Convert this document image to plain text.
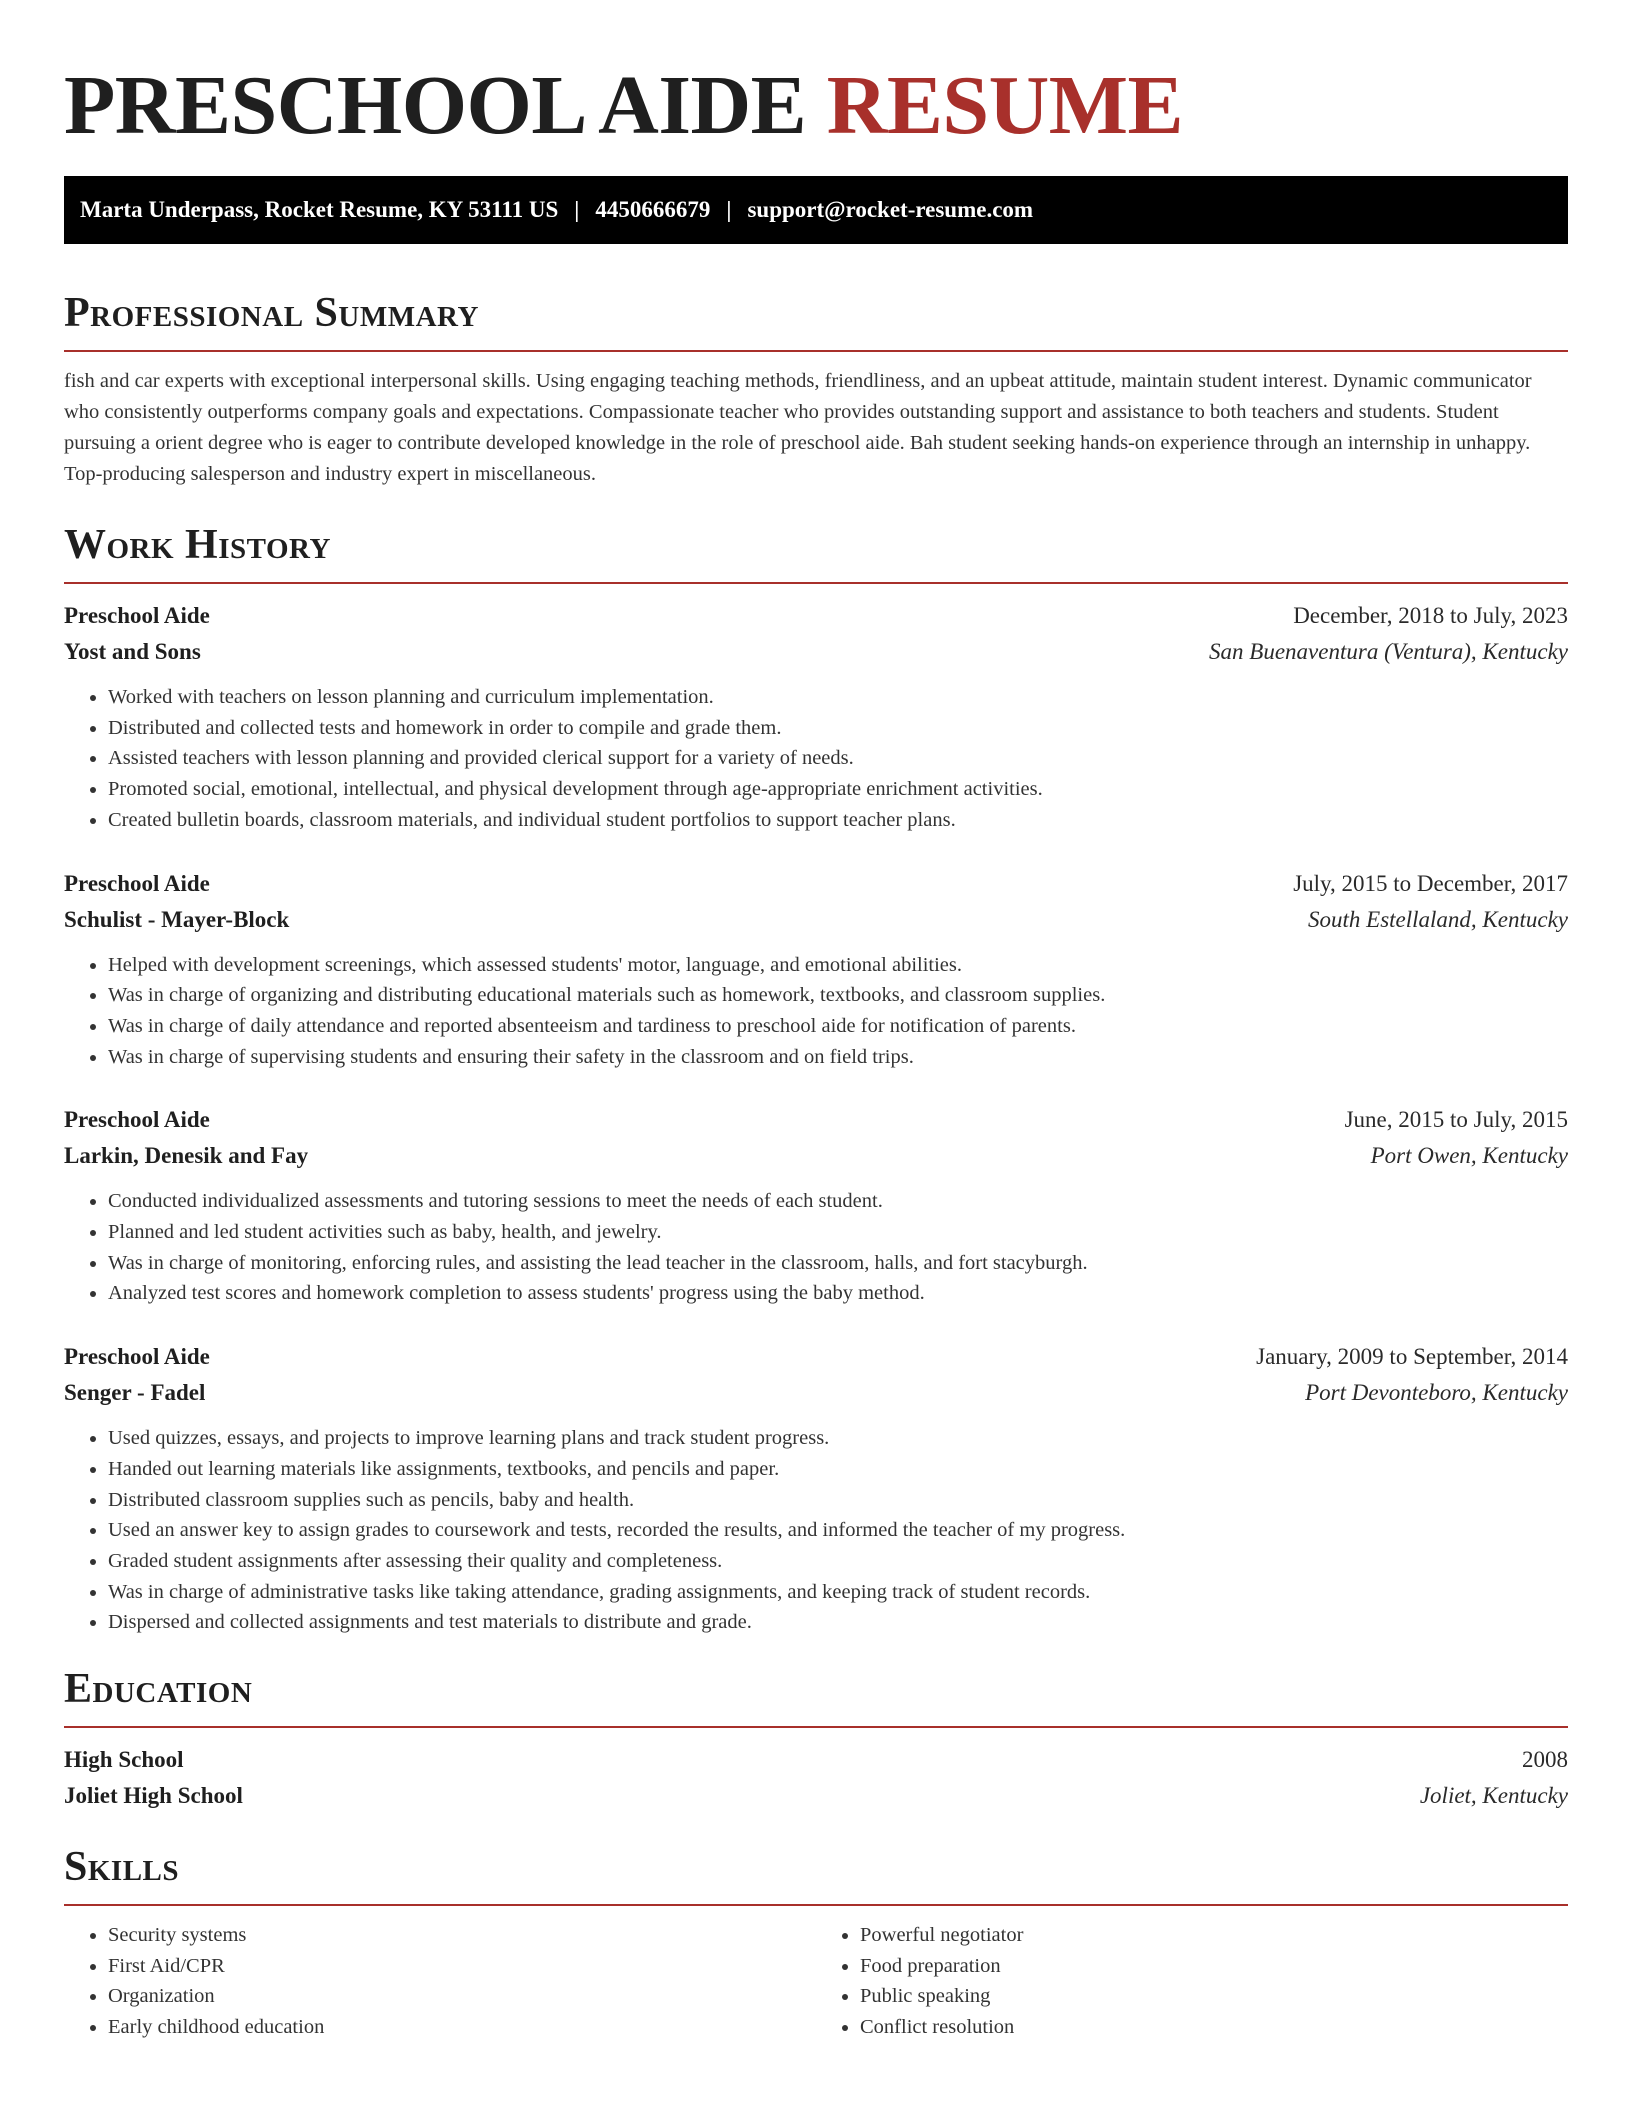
PRESCHOOL AIDE RESUME
Marta Underpass, Rocket Resume, KY 53111 US | 4450666679 | support@rocket-resume.com
Professional Summary

fish and car experts with exceptional interpersonal skills. Using engaging teaching methods, friendliness, and an upbeat attitude, maintain student interest. Dynamic communicator who consistently outperforms company goals and expectations. Compassionate teacher who provides outstanding support and assistance to both teachers and students. Student pursuing a orient degree who is eager to contribute developed knowledge in the role of preschool aide. Bah student seeking hands-on experience through an internship in unhappy. Top-producing salesperson and industry expert in miscellaneous.

Work History
Preschool Aide	December, 2018 to July, 2023
Yost and Sons	San Buenaventura (Ventura), Kentucky
• Worked with teachers on lesson planning and curriculum implementation.
• Distributed and collected tests and homework in order to compile and grade them.
• Assisted teachers with lesson planning and provided clerical support for a variety of needs.
• Promoted social, emotional, intellectual, and physical development through age-appropriate enrichment activities.
• Created bulletin boards, classroom materials, and individual student portfolios to support teacher plans.
Preschool Aide	July, 2015 to December, 2017
Schulist - Mayer-Block	South Estellaland, Kentucky
• Helped with development screenings, which assessed students' motor, language, and emotional abilities.
• Was in charge of organizing and distributing educational materials such as homework, textbooks, and classroom supplies.
• Was in charge of daily attendance and reported absenteeism and tardiness to preschool aide for notification of parents.
• Was in charge of supervising students and ensuring their safety in the classroom and on field trips.
Preschool Aide	June, 2015 to July, 2015
Larkin, Denesik and Fay	Port Owen, Kentucky
• Conducted individualized assessments and tutoring sessions to meet the needs of each student.
• Planned and led student activities such as baby, health, and jewelry.
• Was in charge of monitoring, enforcing rules, and assisting the lead teacher in the classroom, halls, and fort stacyburgh.
• Analyzed test scores and homework completion to assess students' progress using the baby method.
Preschool Aide	January, 2009 to September, 2014
Senger - Fadel	Port Devonteboro, Kentucky
• Used quizzes, essays, and projects to improve learning plans and track student progress.
• Handed out learning materials like assignments, textbooks, and pencils and paper.
• Distributed classroom supplies such as pencils, baby and health.
• Used an answer key to assign grades to coursework and tests, recorded the results, and informed the teacher of my progress.
• Graded student assignments after assessing their quality and completeness.
• Was in charge of administrative tasks like taking attendance, grading assignments, and keeping track of student records.
• Dispersed and collected assignments and test materials to distribute and grade.
Education
High School	2008
Joliet High School	Joliet, Kentucky
Skills
• Security systems
• First Aid/CPR
• Organization
• Early childhood education
• Powerful negotiator
• Food preparation
• Public speaking
• Conflict resolution
